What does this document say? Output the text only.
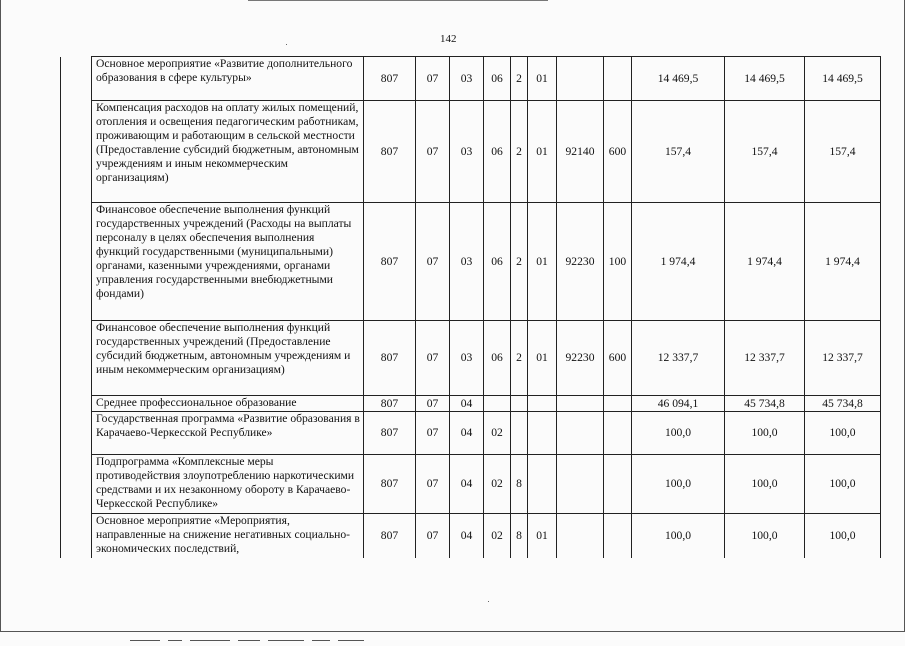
142
	Основное мероприятие «Развитие дополнительного образования в сфере культуры»	807	07	03	06	2	01			14 469,5	14 469,5	14 469,5
	Компенсация расходов на оплату жилых помещений, отопления и освещения педагогическим работникам, проживающим и работающим в сельской местности (Предоставление субсидий бюджетным, автономным учреждениям и иным некоммерческим организациям)	807	07	03	06	2	01	92140	600	157,4	157,4	157,4
	Финансовое обеспечение выполнения функций государственных учреждений (Расходы на выплаты персоналу в целях обеспечения выполнения функций государственными (муниципальными) органами, казенными учреждениями, органами управления государственными внебюджетными фондами)	807	07	03	06	2	01	92230	100	1 974,4	1 974,4	1 974,4
	Финансовое обеспечение выполнения функций государственных учреждений (Предоставление субсидий бюджетным, автономным учреждениям и иным некоммерческим организациям)	807	07	03	06	2	01	92230	600	12 337,7	12 337,7	12 337,7
	Среднее профессиональное образование	807	07	04						46 094,1	45 734,8	45 734,8
	Государственная программа «Развитие образования в Карачаево-Черкесской Республике»	807	07	04	02					100,0	100,0	100,0
	Подпрограмма «Комплексные меры противодействия злоупотреблению наркотическими средствами и их незаконному обороту в Карачаево-Черкесской Республике»	807	07	04	02	8				100,0	100,0	100,0
	Основное мероприятие «Мероприятия, направленные на снижение негативных социально-экономических последствий,	807	07	04	02	8	01			100,0	100,0	100,0
